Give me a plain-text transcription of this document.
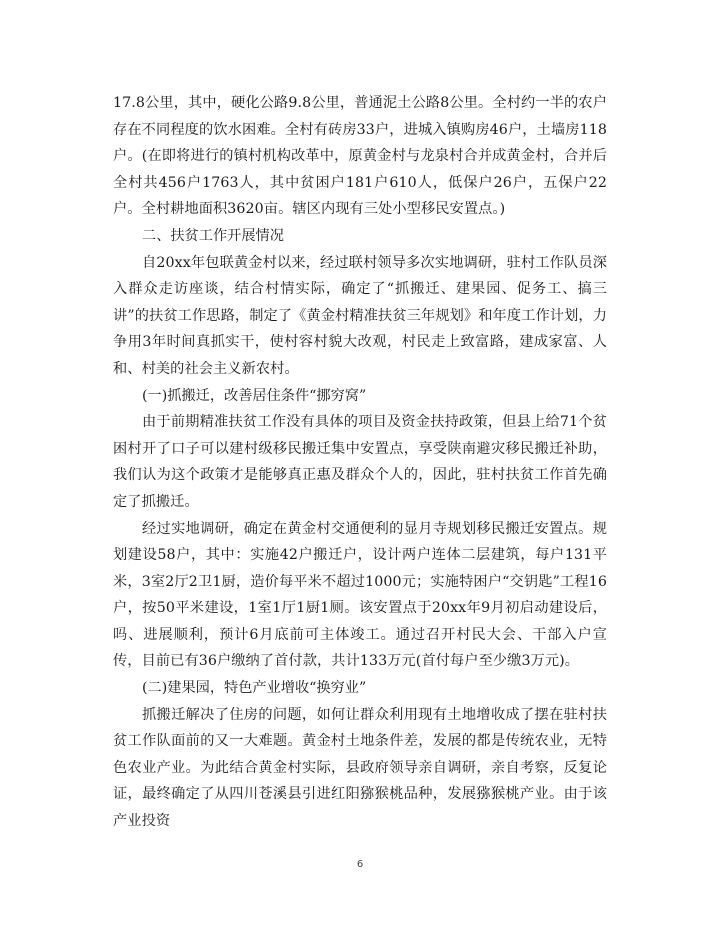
17.8公里，其中，硬化公路9.8公里，普通泥土公路8公里。全村约一半的农户存在不同程度的饮水困难。全村有砖房33户，进城入镇购房46户，土墙房118户。(在即将进行的镇村机构改革中，原黄金村与龙泉村合并成黄金村，合并后全村共456户1763人，其中贫困户181户610人，低保户26户，五保户22户。全村耕地面积3620亩。辖区内现有三处小型移民安置点。)

二、扶贫工作开展情况

自20xx年包联黄金村以来，经过联村领导多次实地调研，驻村工作队员深入群众走访座谈，结合村情实际，确定了“抓搬迁、建果园、促务工、搞三讲”的扶贫工作思路，制定了《黄金村精准扶贫三年规划》和年度工作计划，力争用3年时间真抓实干，使村容村貌大改观，村民走上致富路，建成家富、人和、村美的社会主义新农村。

(一)抓搬迁，改善居住条件“挪穷窝”

由于前期精准扶贫工作没有具体的项目及资金扶持政策，但县上给71个贫困村开了口子可以建村级移民搬迁集中安置点，享受陕南避灾移民搬迁补助，我们认为这个政策才是能够真正惠及群众个人的，因此，驻村扶贫工作首先确定了抓搬迁。

经过实地调研，确定在黄金村交通便利的显月寺规划移民搬迁安置点。规划建设58户，其中：实施42户搬迁户，设计两户连体二层建筑，每户131平米，3室2厅2卫1厨，造价每平米不超过1000元；实施特困户“交钥匙”工程16户，按50平米建设，1室1厅1厨1厕。该安置点于20xx年9月初启动建设后，吗、进展顺利，预计6月底前可主体竣工。通过召开村民大会、干部入户宣传，目前已有36户缴纳了首付款，共计133万元(首付每户至少缴3万元)。

(二)建果园，特色产业增收“换穷业”

抓搬迁解决了住房的问题，如何让群众利用现有土地增收成了摆在驻村扶贫工作队面前的又一大难题。黄金村土地条件差，发展的都是传统农业，无特色农业产业。为此结合黄金村实际，县政府领导亲自调研，亲自考察，反复论证，最终确定了从四川苍溪县引进红阳猕猴桃品种，发展猕猴桃产业。由于该产业投资

6
